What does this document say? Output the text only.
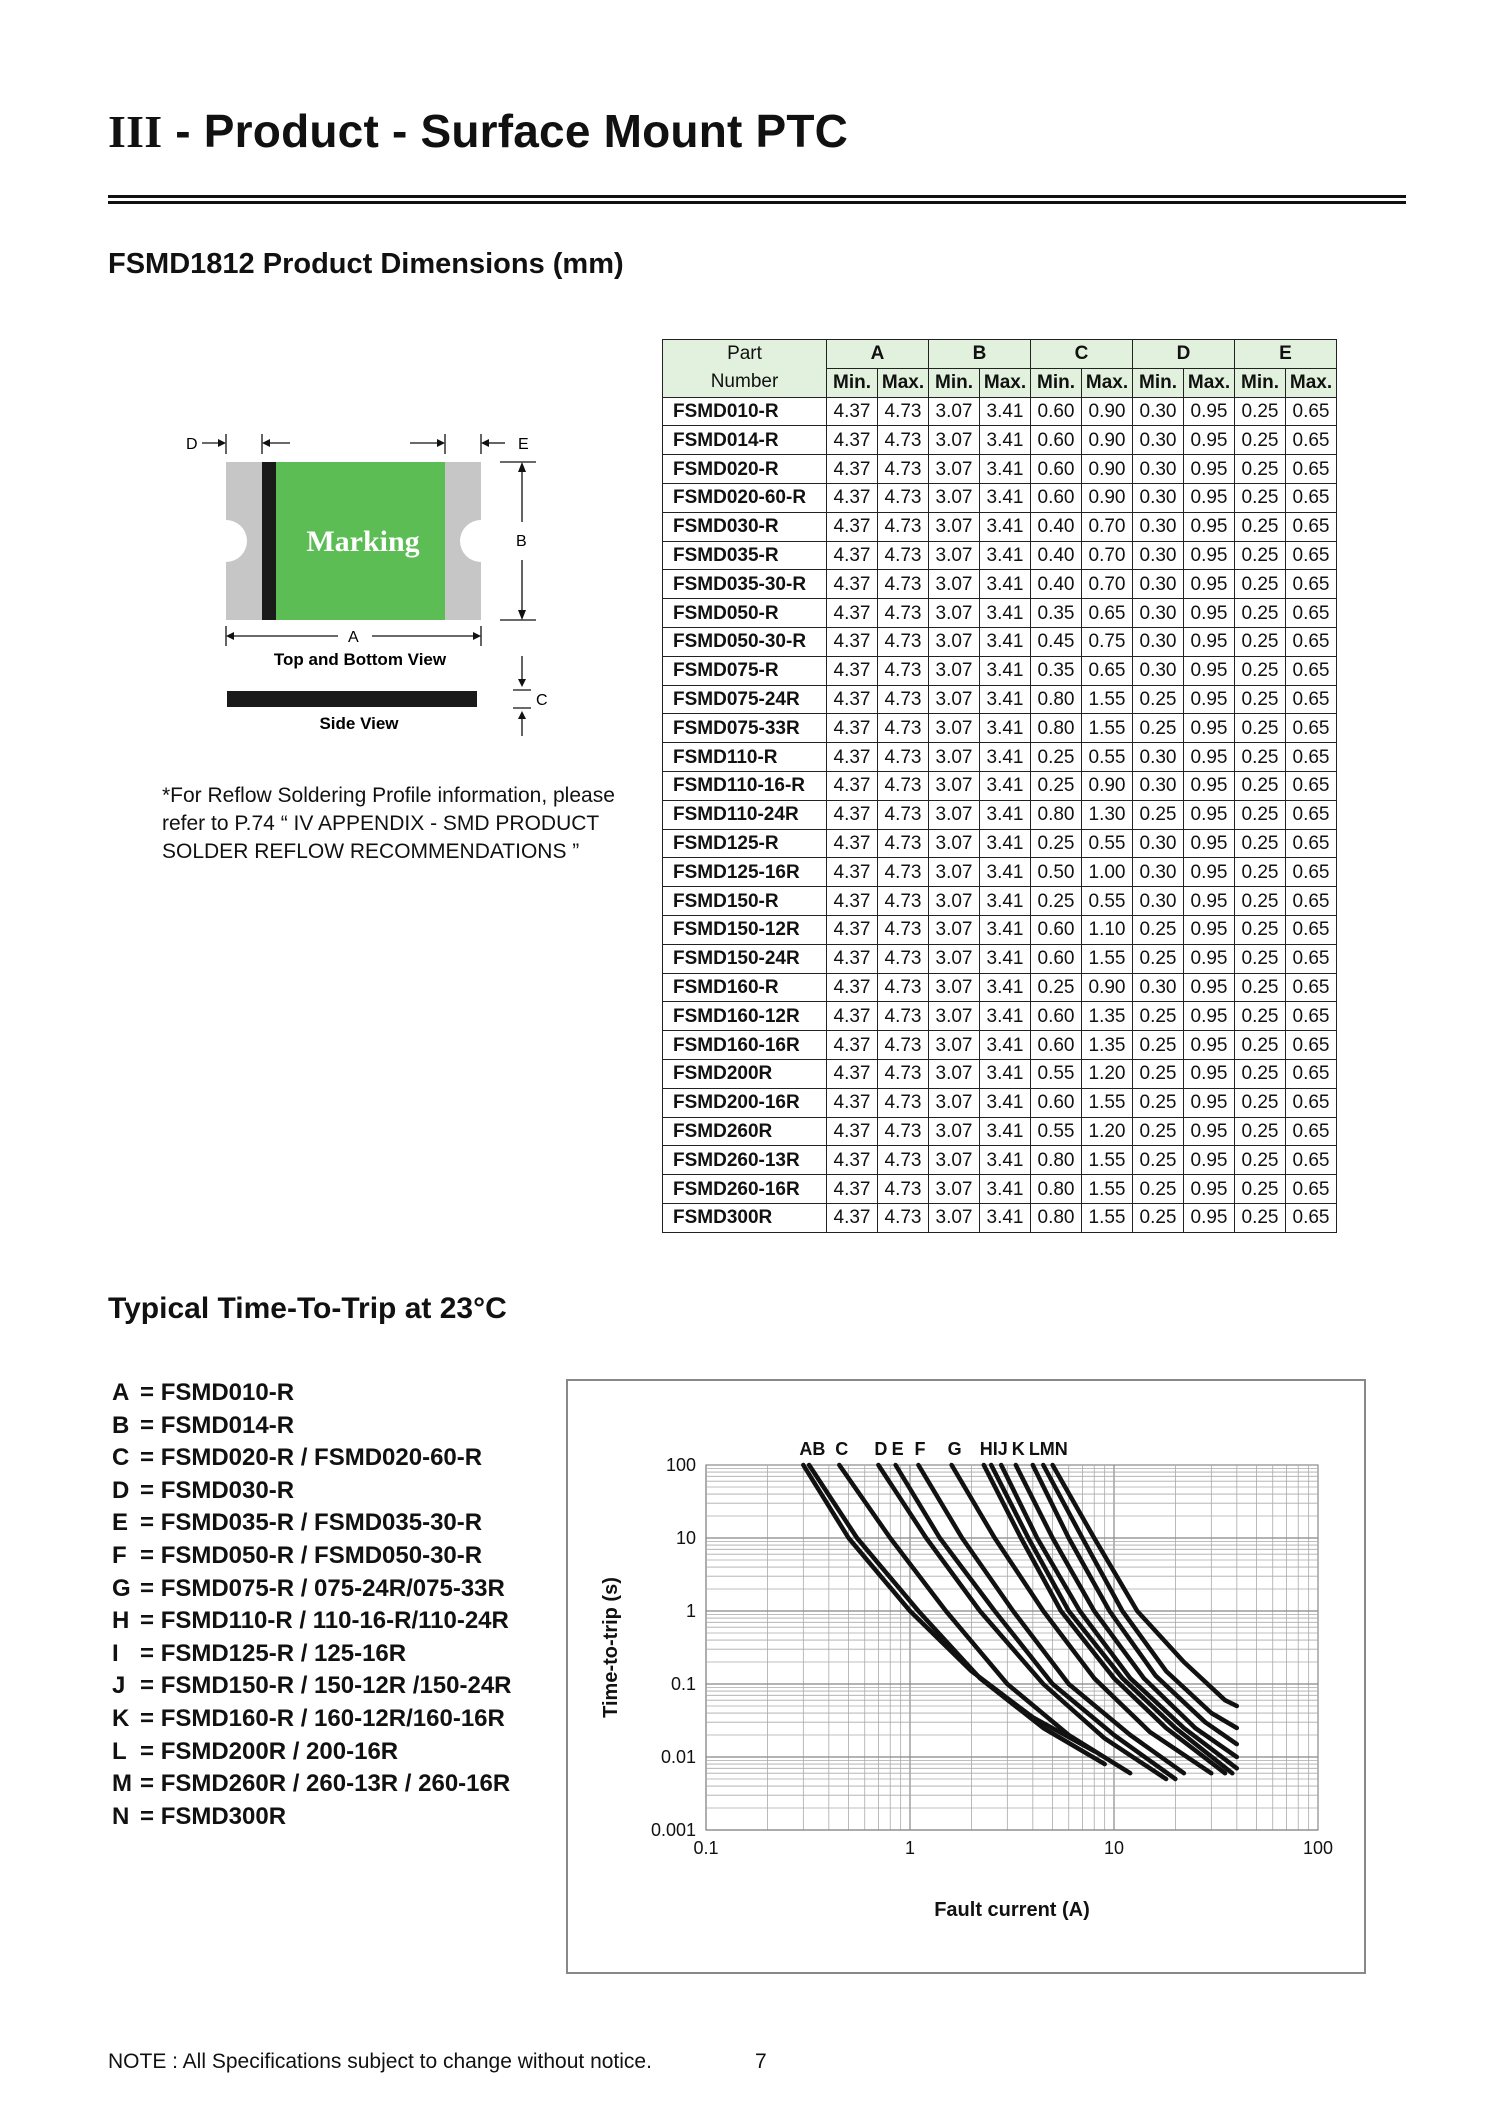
III - Product - Surface Mount PTC
FSMD1812 Product Dimensions (mm)
Marking
D	E
B
A
Top and Bottom View
Side View
C
*For Reflow Soldering Profile information, please refer to P.74 “ IV APPENDIX - SMD PRODUCT SOLDER REFLOW RECOMMENDATIONS ”
Part Number	A		B		C		D		E	
	Min.	Max.	Min.	Max.	Min.	Max.	Min.	Max.	Min.	Max.
FSMD010-R	4.37	4.73	3.07	3.41	0.60	0.90	0.30	0.95	0.25	0.65
FSMD014-R	4.37	4.73	3.07	3.41	0.60	0.90	0.30	0.95	0.25	0.65
FSMD020-R	4.37	4.73	3.07	3.41	0.60	0.90	0.30	0.95	0.25	0.65
FSMD020-60-R	4.37	4.73	3.07	3.41	0.60	0.90	0.30	0.95	0.25	0.65
FSMD030-R	4.37	4.73	3.07	3.41	0.40	0.70	0.30	0.95	0.25	0.65
FSMD035-R	4.37	4.73	3.07	3.41	0.40	0.70	0.30	0.95	0.25	0.65
FSMD035-30-R	4.37	4.73	3.07	3.41	0.40	0.70	0.30	0.95	0.25	0.65
FSMD050-R	4.37	4.73	3.07	3.41	0.35	0.65	0.30	0.95	0.25	0.65
FSMD050-30-R	4.37	4.73	3.07	3.41	0.45	0.75	0.30	0.95	0.25	0.65
FSMD075-R	4.37	4.73	3.07	3.41	0.35	0.65	0.30	0.95	0.25	0.65
FSMD075-24R	4.37	4.73	3.07	3.41	0.80	1.55	0.25	0.95	0.25	0.65
FSMD075-33R	4.37	4.73	3.07	3.41	0.80	1.55	0.25	0.95	0.25	0.65
FSMD110-R	4.37	4.73	3.07	3.41	0.25	0.55	0.30	0.95	0.25	0.65
FSMD110-16-R	4.37	4.73	3.07	3.41	0.25	0.90	0.30	0.95	0.25	0.65
FSMD110-24R	4.37	4.73	3.07	3.41	0.80	1.30	0.25	0.95	0.25	0.65
FSMD125-R	4.37	4.73	3.07	3.41	0.25	0.55	0.30	0.95	0.25	0.65
FSMD125-16R	4.37	4.73	3.07	3.41	0.50	1.00	0.30	0.95	0.25	0.65
FSMD150-R	4.37	4.73	3.07	3.41	0.25	0.55	0.30	0.95	0.25	0.65
FSMD150-12R	4.37	4.73	3.07	3.41	0.60	1.10	0.25	0.95	0.25	0.65
FSMD150-24R	4.37	4.73	3.07	3.41	0.60	1.55	0.25	0.95	0.25	0.65
FSMD160-R	4.37	4.73	3.07	3.41	0.25	0.90	0.30	0.95	0.25	0.65
FSMD160-12R	4.37	4.73	3.07	3.41	0.60	1.35	0.25	0.95	0.25	0.65
FSMD160-16R	4.37	4.73	3.07	3.41	0.60	1.35	0.25	0.95	0.25	0.65
FSMD200R	4.37	4.73	3.07	3.41	0.55	1.20	0.25	0.95	0.25	0.65
FSMD200-16R	4.37	4.73	3.07	3.41	0.60	1.55	0.25	0.95	0.25	0.65
FSMD260R	4.37	4.73	3.07	3.41	0.55	1.20	0.25	0.95	0.25	0.65
FSMD260-13R	4.37	4.73	3.07	3.41	0.80	1.55	0.25	0.95	0.25	0.65
FSMD260-16R	4.37	4.73	3.07	3.41	0.80	1.55	0.25	0.95	0.25	0.65
FSMD300R	4.37	4.73	3.07	3.41	0.80	1.55	0.25	0.95	0.25	0.65
Typical Time-To-Trip at 23°C
A = FSMD010-R
B = FSMD014-R
C = FSMD020-R / FSMD020-60-R
D = FSMD030-R
E = FSMD035-R / FSMD035-30-R
F = FSMD050-R / FSMD050-30-R
G = FSMD075-R / 075-24R/075-33R
H = FSMD110-R / 110-16-R/110-24R
I = FSMD125-R / 125-16R
J = FSMD150-R / 150-12R /150-24R
K = FSMD160-R / 160-12R/160-16R
L = FSMD200R / 200-16R
M = FSMD260R / 260-13R / 260-16R
N = FSMD300R
100
10
1
0.1
0.01
0.001
0.1	1	10	100
Fault current (A)
Time-to-trip (s)
AB C D E F G HIJ K LMN
NOTE : All Specifications subject to change without notice.	7
